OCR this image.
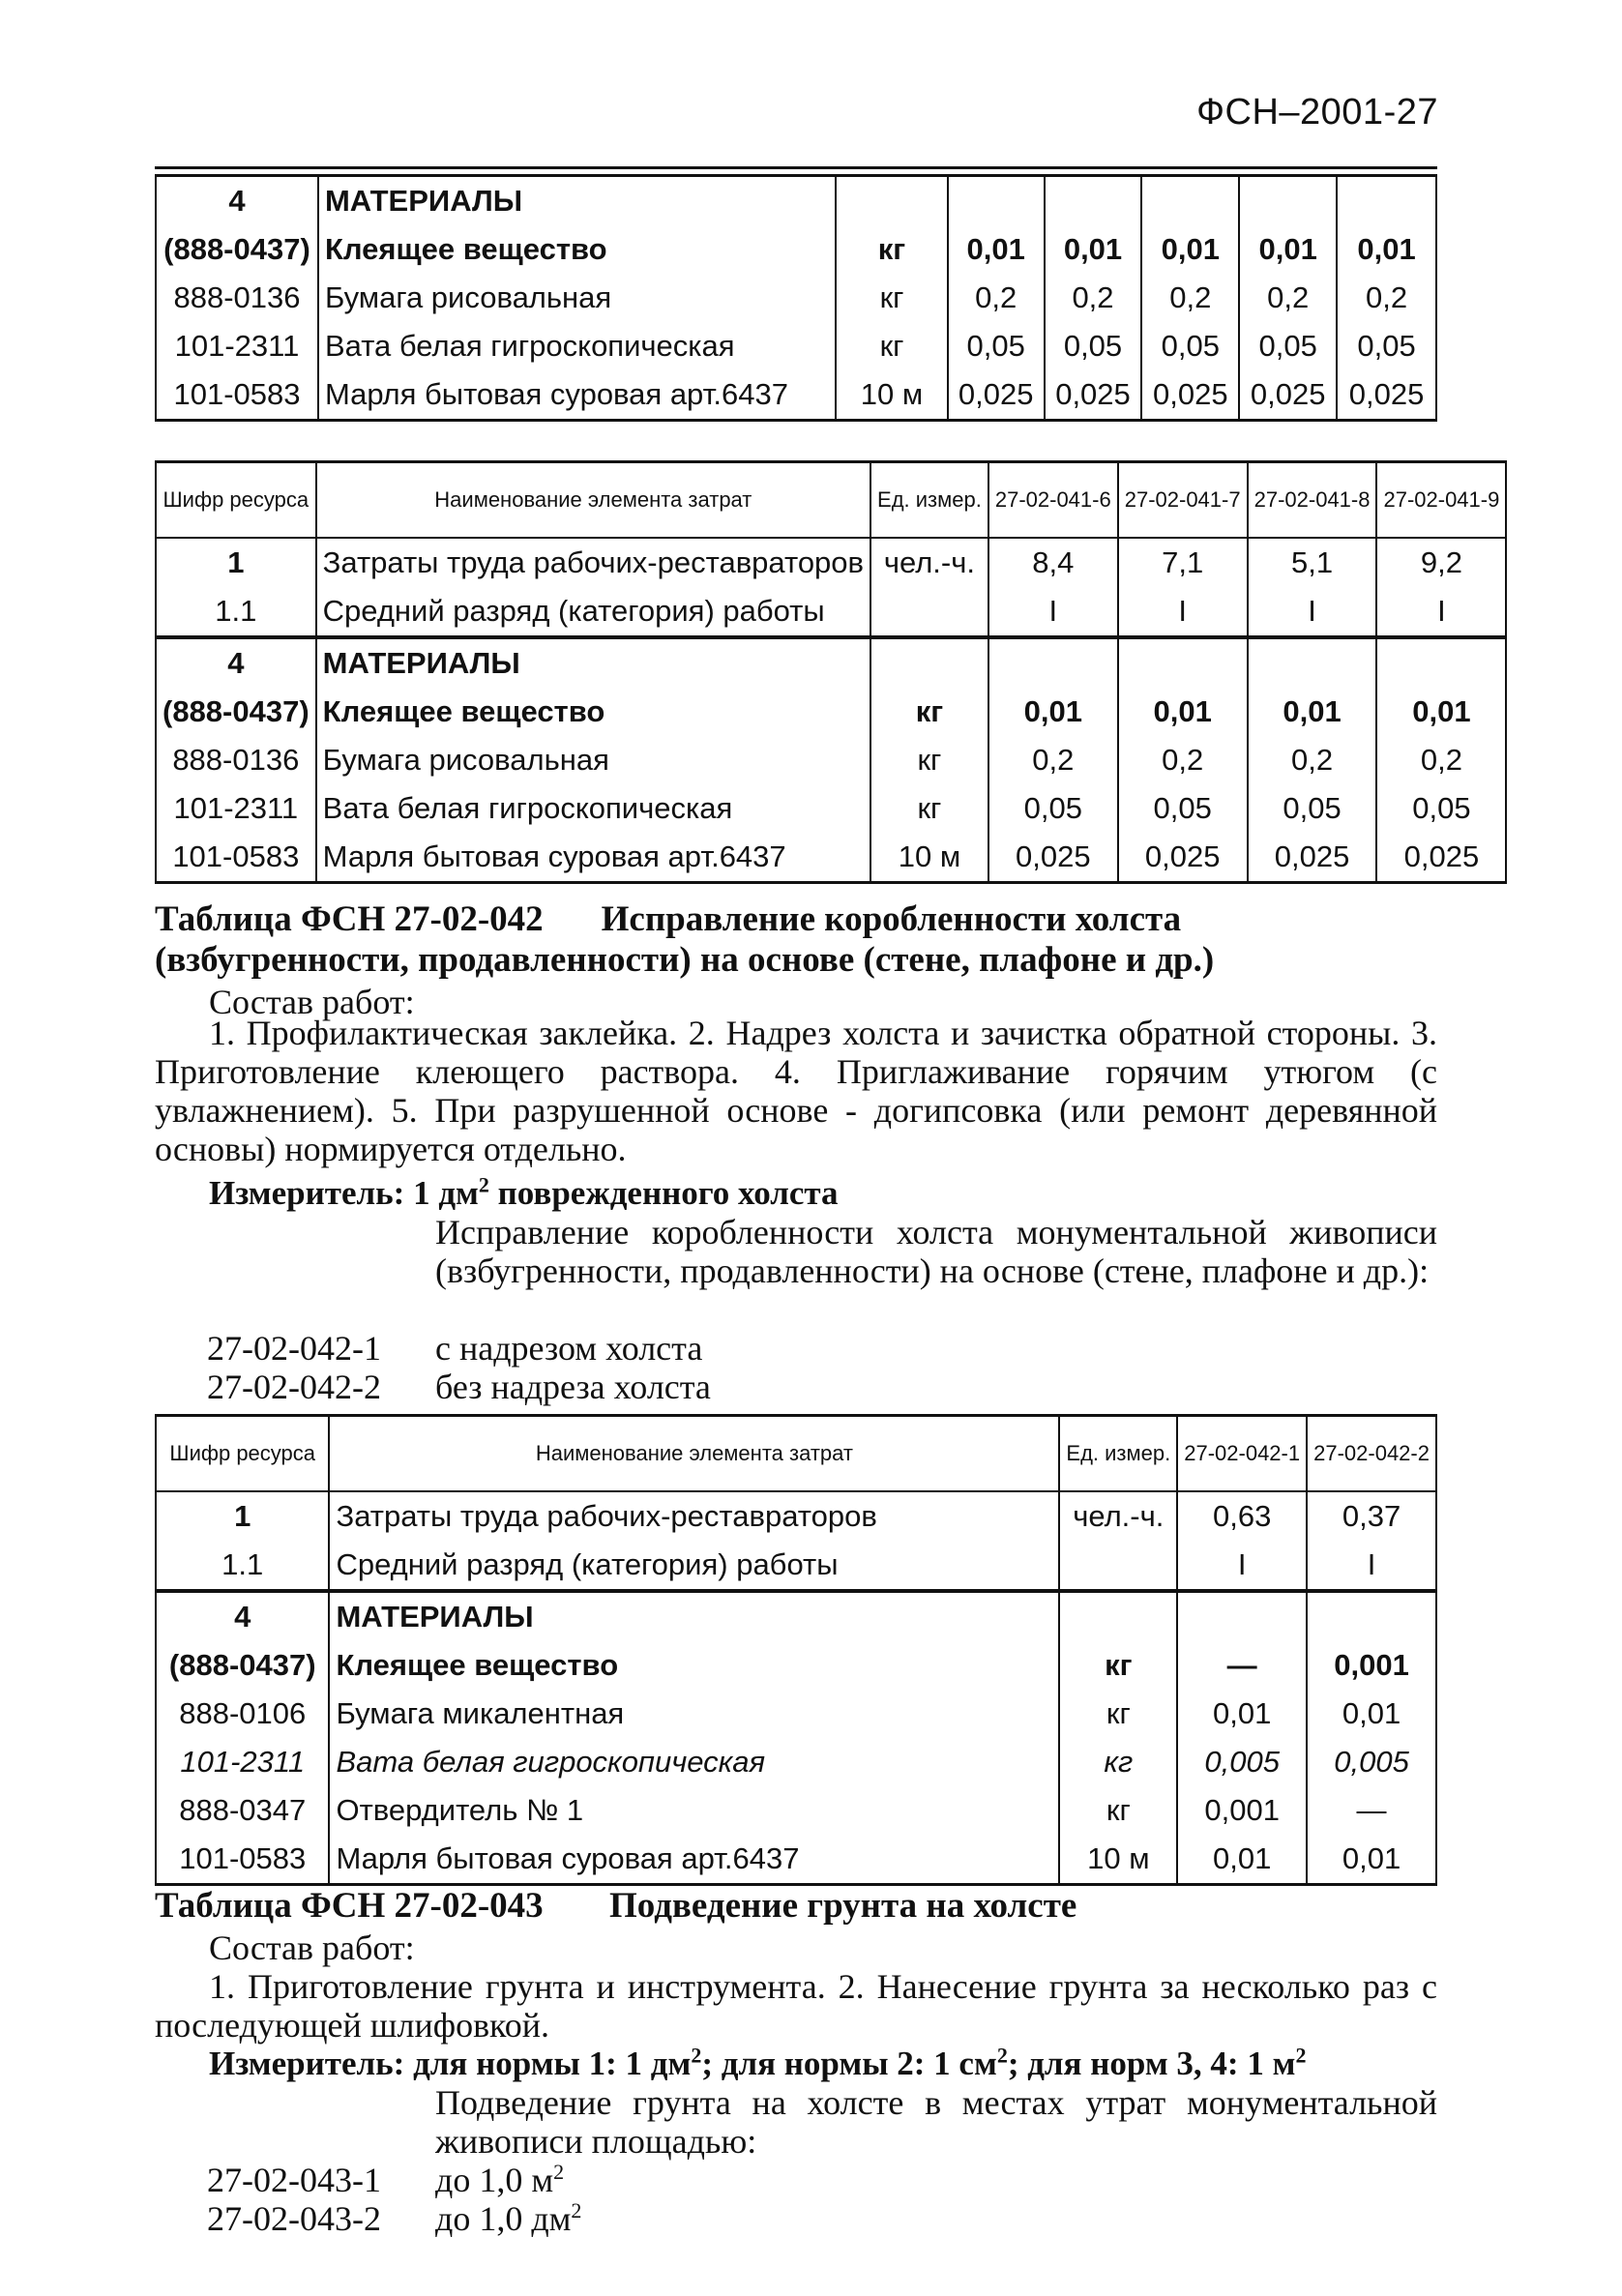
ФСН–2001-27
4	МАТЕРИАЛЫ						
(888-0437)	Клеящее вещество	кг	0,01	0,01	0,01	0,01	0,01
888-0136	Бумага рисовальная	кг	0,2	0,2	0,2	0,2	0,2
101-2311	Вата белая гигроскопическая	кг	0,05	0,05	0,05	0,05	0,05
101-0583	Марля бытовая суровая арт.6437	10 м	0,025	0,025	0,025	0,025	0,025
Шифр ресурса	Наименование элемента затрат	Ед. измер.	27-02-041-6	27-02-041-7	27-02-041-8	27-02-041-9
1	Затраты труда рабочих-реставраторов	чел.-ч.	8,4	7,1	5,1	9,2
1.1	Средний разряд (категория) работы		I	I	I	I
4	МАТЕРИАЛЫ					
(888-0437)	Клеящее вещество	кг	0,01	0,01	0,01	0,01
888-0136	Бумага рисовальная	кг	0,2	0,2	0,2	0,2
101-2311	Вата белая гигроскопическая	кг	0,05	0,05	0,05	0,05
101-0583	Марля бытовая суровая арт.6437	10 м	0,025	0,025	0,025	0,025
Таблица ФСН 27-02-042 Исправление коробленности холста (взбугренности, продавленности) на основе (стене, плафоне и др.)
Состав работ:
1. Профилактическая заклейка. 2. Надрез холста и зачистка обратной стороны. 3. Приготовление клеющего раствора. 4. Приглаживание горячим утюгом (с увлажнением). 5. При разрушенной основе - догипсовка (или ремонт деревянной основы) нормируется отдельно.
Измеритель: 1 $дм^2$ поврежденного холста
Исправление коробленности холста монументальной живописи (взбугренности, продавленности) на основе (стене, плафоне и др.):
27-02-042-1 с надрезом холста
27-02-042-2 без надреза холста
Шифр ресурса	Наименование элемента затрат	Ед. измер.	27-02-042-1	27-02-042-2
1	Затраты труда рабочих-реставраторов	чел.-ч.	0,63	0,37
1.1	Средний разряд (категория) работы		I	I
4	МАТЕРИАЛЫ			
(888-0437)	Клеящее вещество	кг	—	0,001
888-0106	Бумага микалентная	кг	0,01	0,01
101-2311	Вата белая гигроскопическая	кг	0,005	0,005
888-0347	Отвердитель № 1	кг	0,001	—
101-0583	Марля бытовая суровая арт.6437	10 м	0,01	0,01
Таблица ФСН 27-02-043 Подведение грунта на холсте
Состав работ:
1. Приготовление грунта и инструмента. 2. Нанесение грунта за несколько раз с последующей шлифовкой.
Измеритель: для нормы 1: 1 $дм^2$; для нормы 2: 1 $см^2$; для норм 3, 4: 1 $м^2$
Подведение грунта на холсте в местах утрат монументальной живописи площадью:
27-02-043-1 до 1,0 $м^2$
27-02-043-2 до 1,0 $дм^2$
